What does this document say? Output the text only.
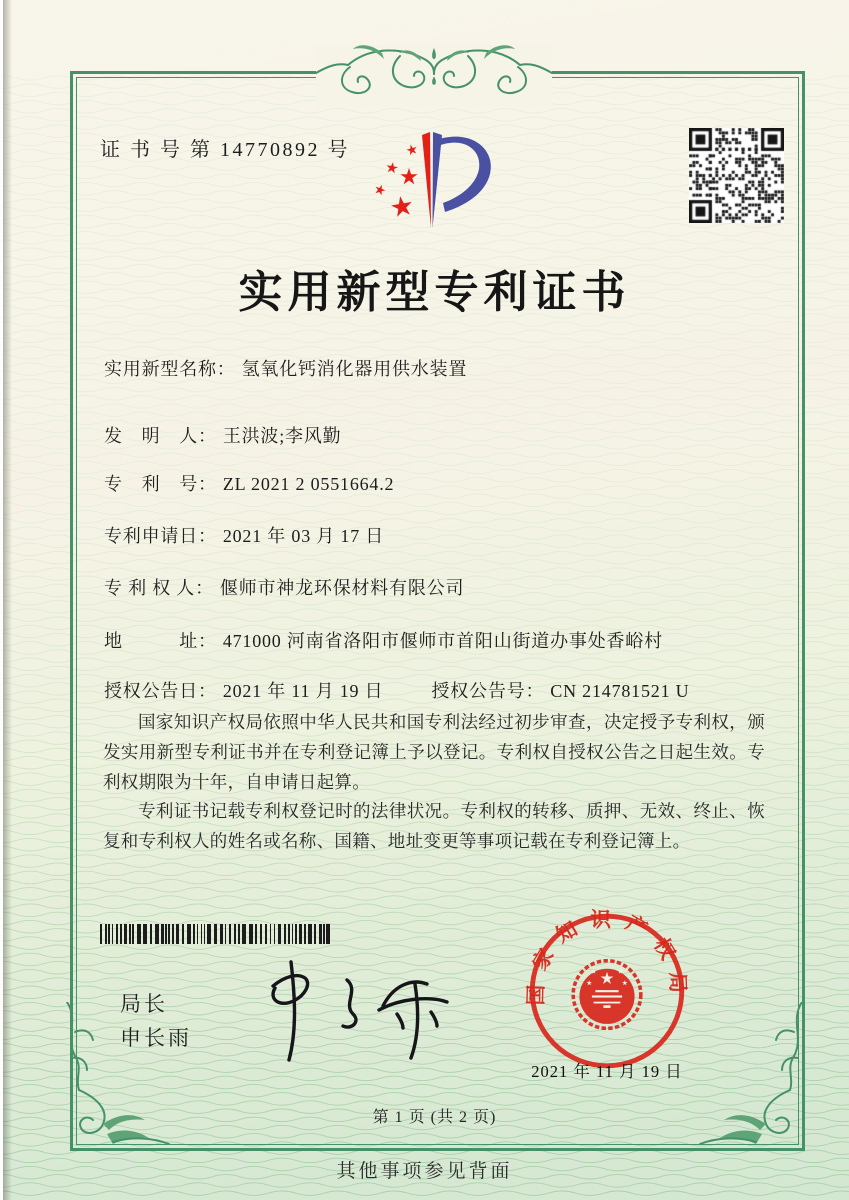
证 书 号 第 14770892 号
实用新型专利证书
实用新型名称： 氢氧化钙消化器用供水装置
发　明　人： 王洪波;李风勤
专　利　号： ZL 2021 2 0551664.2
专利申请日： 2021 年 03 月 17 日
专 利 权 人： 偃师市神龙环保材料有限公司
地　　　址： 471000 河南省洛阳市偃师市首阳山街道办事处香峪村
授权公告日： 2021 年 11 月 19 日	授权公告号： CN 214781521 U

国家知识产权局依照中华人民共和国专利法经过初步审查，决定授予专利权，颁发实用新型专利证书并在专利登记簿上予以登记。专利权自授权公告之日起生效。专利权期限为十年，自申请日起算。

专利证书记载专利权登记时的法律状况。专利权的转移、质押、无效、终止、恢复和专利权人的姓名或名称、国籍、地址变更等事项记载在专利登记簿上。

局长
申长雨
国家知识产权局
2021 年 11 月 19 日
第 1 页 (共 2 页)
其他事项参见背面
